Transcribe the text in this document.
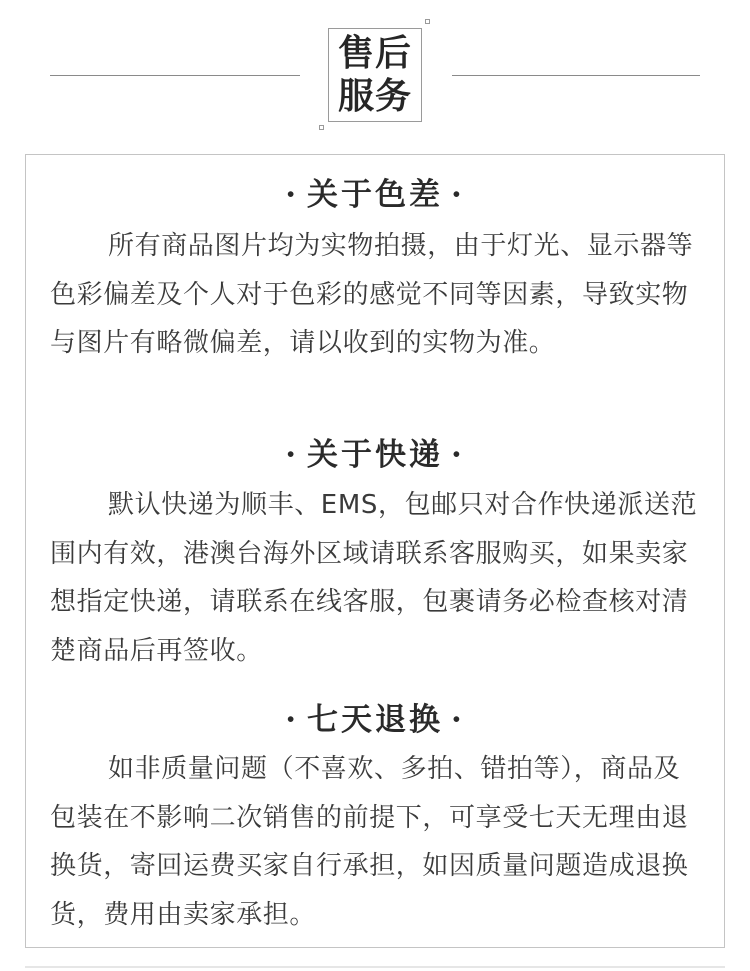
售后
服务
· 关于色差 ·

所有商品图片均为实物拍摄，由于灯光、显示器等色彩偏差及个人对于色彩的感觉不同等因素，导致实物与图片有略微偏差，请以收到的实物为准。

· 关于快递 ·

默认快递为顺丰、EMS，包邮只对合作快递派送范围内有效，港澳台海外区域请联系客服购买，如果卖家想指定快递，请联系在线客服，包裹请务必检查核对清楚商品后再签收。

· 七天退换 ·

如非质量问题（不喜欢、多拍、错拍等），商品及包装在不影响二次销售的前提下，可享受七天无理由退换货，寄回运费买家自行承担，如因质量问题造成退换货，费用由卖家承担。
